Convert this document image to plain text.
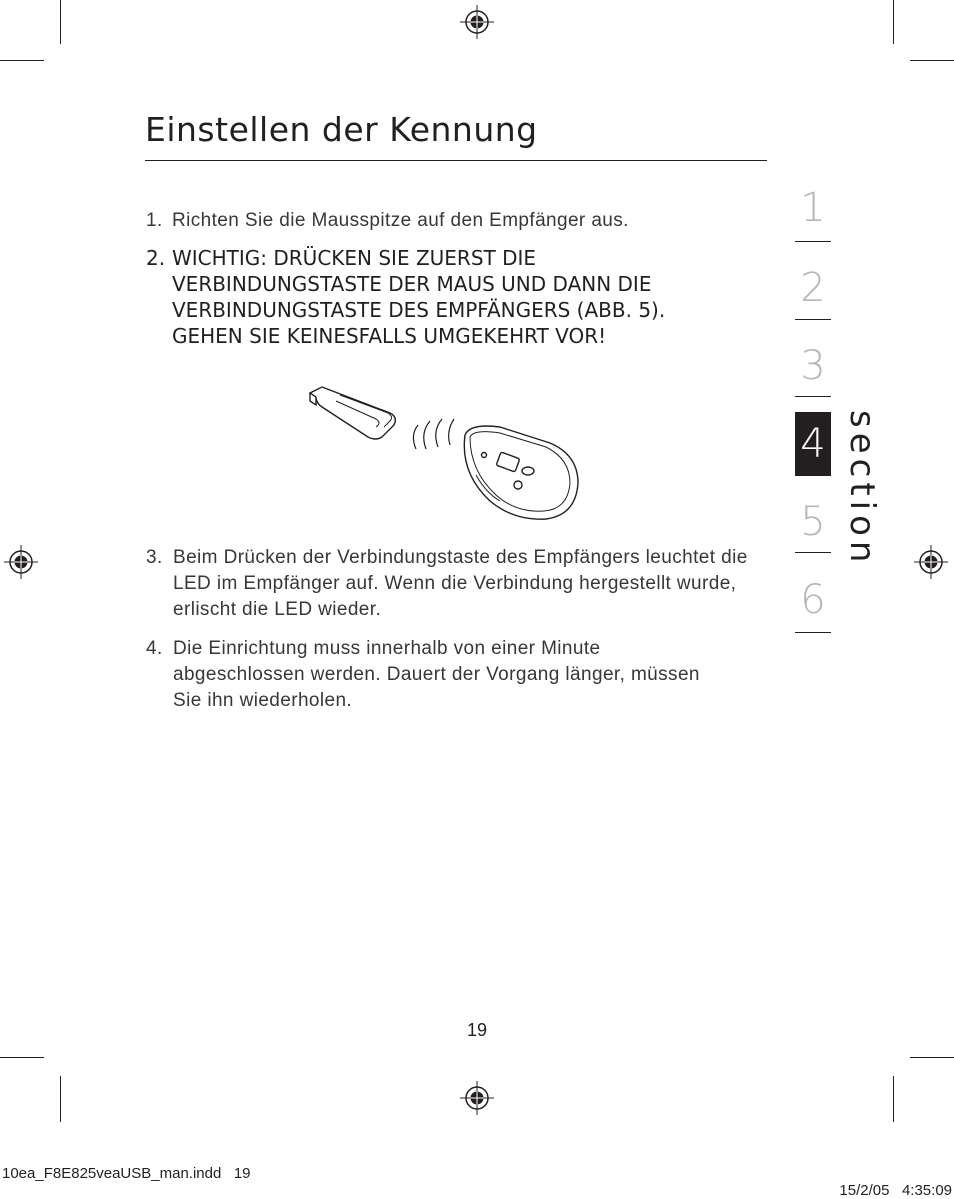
Einstellen der Kennung
1. Richten Sie die Mausspitze auf den Empfänger aus.
2. WICHTIG: DRÜCKEN SIE ZUERST DIE VERBINDUNGSTASTE DER MAUS UND DANN DIE VERBINDUNGSTASTE DES EMPFÄNGERS (ABB. 5). GEHEN SIE KEINESFALLS UMGEKEHRT VOR!
3. Beim Drücken der Verbindungstaste des Empfängers leuchtet die LED im Empfänger auf. Wenn die Verbindung hergestellt wurde, erlischt die LED wieder.
4. Die Einrichtung muss innerhalb von einer Minute abgeschlossen werden. Dauert der Vorgang länger, müssen Sie ihn wiederholen.
1
2
3
4
5
6
section
19
10ea_F8E825veaUSB_man.indd   19

15/2/05 4:35:09
